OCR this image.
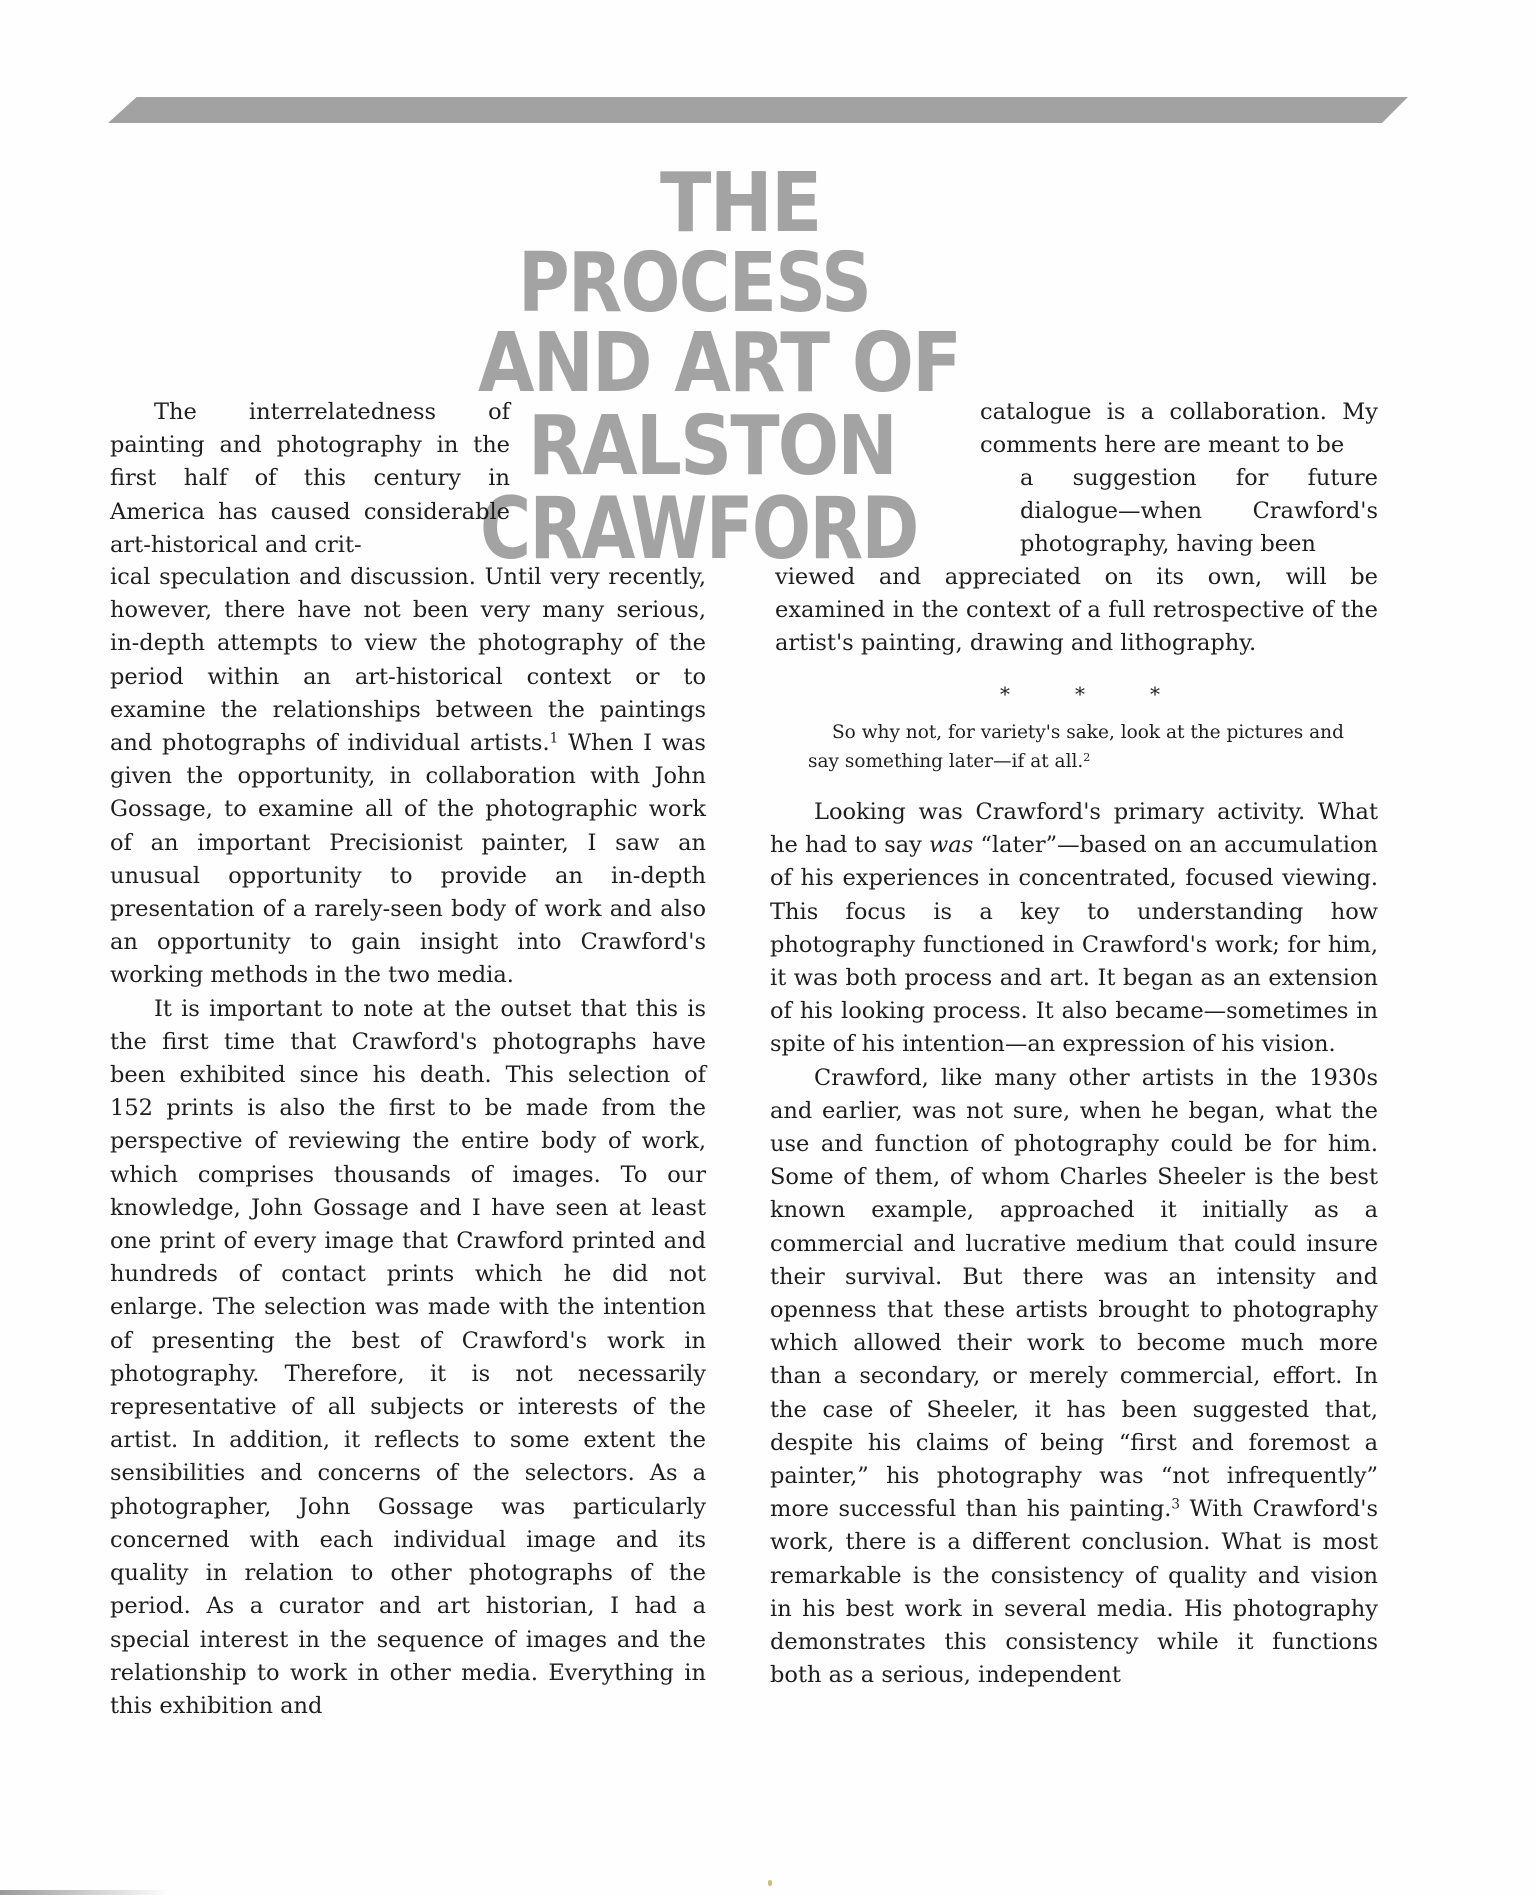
THE
PROCESS
AND ART OF
RALSTON
CRAWFORD

The interrelatedness of painting and photography in the first half of this century in America has caused considerable art-historical and crit-

ical speculation and discussion. Until very recently, however, there have not been very many serious, in-depth attempts to view the photography of the period within an art-historical context or to examine the relationships between the paintings and photographs of individual artists.$^1$ When I was given the opportunity, in collaboration with John Gossage, to examine all of the photographic work of an important Precisionist painter, I saw an unusual opportunity to provide an in-depth presentation of a rarely-seen body of work and also an opportunity to gain insight into Crawford's working methods in the two media.

It is important to note at the outset that this is the first time that Crawford's photographs have been exhibited since his death. This selection of 152 prints is also the first to be made from the perspective of reviewing the entire body of work, which comprises thousands of images. To our knowledge, John Gossage and I have seen at least one print of every image that Crawford printed and hundreds of contact prints which he did not enlarge. The selection was made with the intention of presenting the best of Crawford's work in photography. Therefore, it is not necessarily representative of all subjects or interests of the artist. In addition, it reflects to some extent the sensibilities and concerns of the selectors. As a photographer, John Gossage was particularly concerned with each individual image and its quality in relation to other photographs of the period. As a curator and art historian, I had a special interest in the sequence of images and the relationship to work in other media. Everything in this exhibition and

catalogue is a collaboration. My comments here are meant to be

a suggestion for future dialogue—when Crawford's photography, having been

viewed and appreciated on its own, will be examined in the context of a full retrospective of the artist's painting, drawing and lithography.

*	*	*

So why not, for variety's sake, look at the pictures and say something later—if at all.$^2$

Looking was Crawford's primary activity. What he had to say was “later”—based on an accumulation of his experiences in concentrated, focused viewing. This focus is a key to understanding how photography functioned in Crawford's work; for him, it was both process and art. It began as an extension of his looking process. It also became—sometimes in spite of his intention—an expression of his vision.

Crawford, like many other artists in the 1930s and earlier, was not sure, when he began, what the use and function of photography could be for him. Some of them, of whom Charles Sheeler is the best known example, approached it initially as a commercial and lucrative medium that could insure their survival. But there was an intensity and openness that these artists brought to photography which allowed their work to become much more than a secondary, or merely commercial, effort. In the case of Sheeler, it has been suggested that, despite his claims of being “first and foremost a painter,” his photography was “not infrequently” more successful than his painting.$^3$ With Crawford's work, there is a different conclusion. What is most remarkable is the consistency of quality and vision in his best work in several media. His photography demonstrates this consistency while it functions both as a serious, independent
